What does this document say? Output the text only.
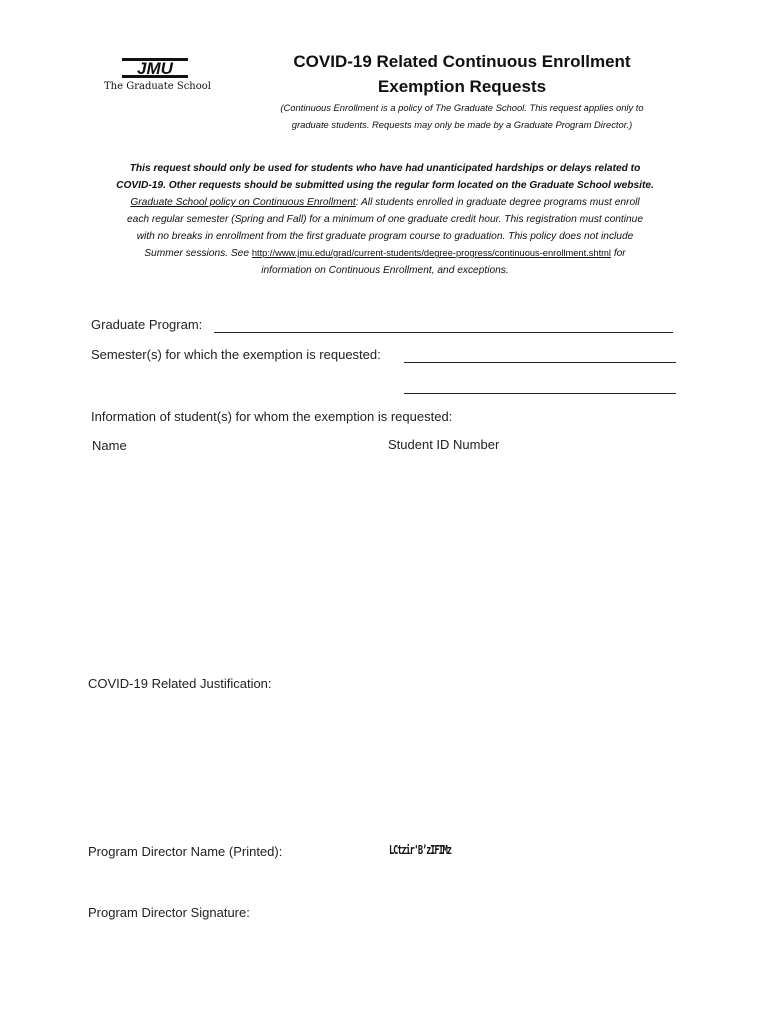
JMU
The Graduate School
COVID-19 Related Continuous Enrollment
Exemption Requests
(Continuous Enrollment is a policy of The Graduate School. This request applies only to
graduate students. Requests may only be made by a Graduate Program Director.)
This request should only be used for students who have had unanticipated hardships or delays related to
COVID-19. Other requests should be submitted using the regular form located on the Graduate School website.
Graduate School policy on Continuous Enrollment: All students enrolled in graduate degree programs must enroll
each regular semester (Spring and Fall) for a minimum of one graduate credit hour. This registration must continue
with no breaks in enrollment from the first graduate program course to graduation. This policy does not include
Summer sessions. See http://www.jmu.edu/grad/current-students/degree-progress/continuous-enrollment.shtml for
information on Continuous Enrollment, and exceptions.
Graduate Program:
Semester(s) for which the exemption is requested:
Information of student(s) for whom the exemption is requested:
Name	Student ID Number
COVID-19 Related Justification:
Program Director Name (Printed):	LCtzir'B’zIFIMz
Program Director Signature:
